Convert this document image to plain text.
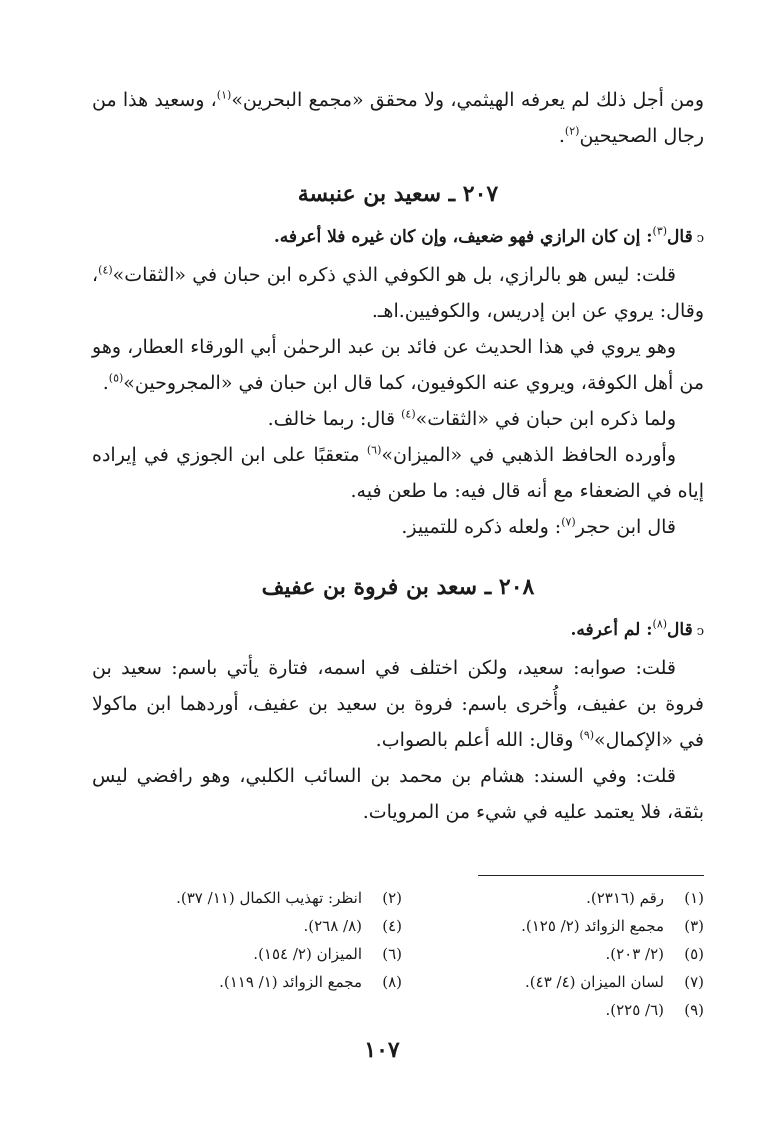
ومن أجل ذلك لم يعرفه الهيثمي، ولا محقق «مجمع البحرين»$^{(١)}$، وسعيد هذا من رجال الصحيحين$^{(٢)}$.

٢٠٧ ـ سعيد بن عنبسة

ↄقال$^{(٣)}$: إن كان الرازي فهو ضعيف، وإن كان غيره فلا أعرفه.

قلت: ليس هو بالرازي، بل هو الكوفي الذي ذكره ابن حبان في «الثقات»$^{(٤)}$، وقال: يروي عن ابن إدريس، والكوفيين.اهـ.

وهو يروي في هذا الحديث عن فائد بن عبد الرحمٰن أبي الورقاء العطار، وهو من أهل الكوفة، ويروي عنه الكوفيون، كما قال ابن حبان في «المجروحين»$^{(٥)}$.

ولما ذكره ابن حبان في «الثقات»$^{(٤)}$ قال: ربما خالف.

وأورده الحافظ الذهبي في «الميزان»$^{(٦)}$ متعقبًا على ابن الجوزي في إيراده إياه في الضعفاء مع أنه قال فيه: ما طعن فيه.

قال ابن حجر$^{(٧)}$: ولعله ذكره للتمييز.

٢٠٨ ـ سعد بن فروة بن عفيف

ↄقال$^{(٨)}$: لم أعرفه.

قلت: صوابه: سعيد، ولكن اختلف في اسمه، فتارة يأتي باسم: سعيد بن فروة بن عفيف، وأُخرى باسم: فروة بن سعيد بن عفيف، أوردهما ابن ماكولا في «الإكمال»$^{(٩)}$ وقال: الله أعلم بالصواب.

قلت: وفي السند: هشام بن محمد بن السائب الكلبي، وهو رافضي ليس بثقة، فلا يعتمد عليه في شيء من المرويات.

(١)رقم (٢٣١٦).
(٢)انظر: تهذيب الكمال (١١/ ٣٧).
(٣)مجمع الزوائد (٢/ ١٢٥).
(٤)(٨/ ٢٦٨).
(٥)(٢/ ٢٠٣).
(٦)الميزان (٢/ ١٥٤).
(٧)لسان الميزان (٤/ ٤٣).
(٨)مجمع الزوائد (١/ ١١٩).
(٩)(٦/ ٢٢٥).
١٠٧
